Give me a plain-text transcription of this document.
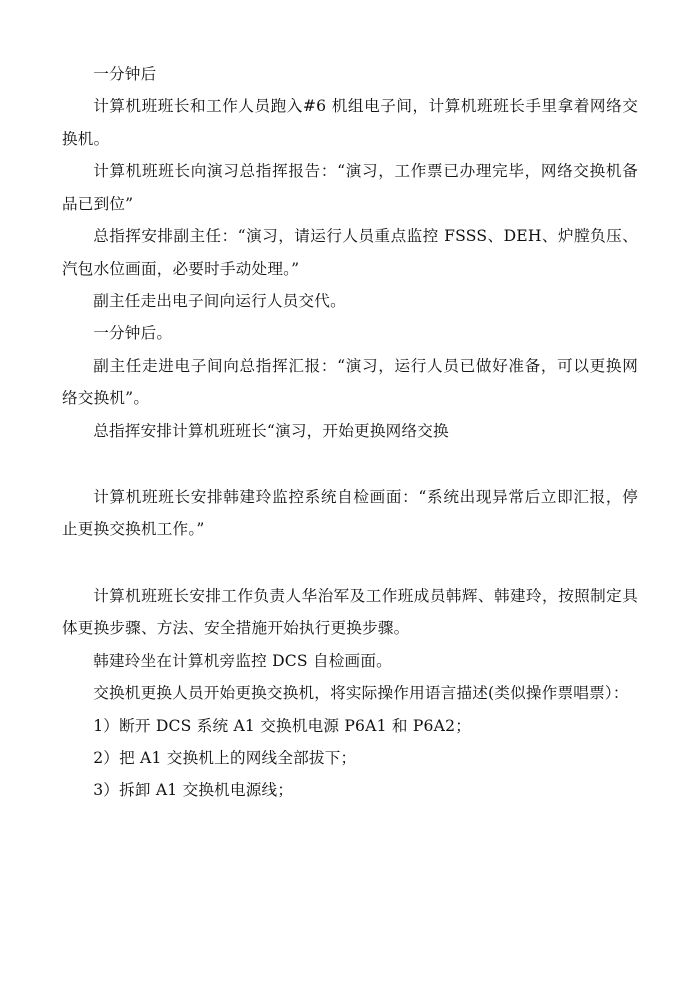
一分钟后

计算机班班长和工作人员跑入#6 机组电子间，计算机班班长手里拿着网络交换机。

计算机班班长向演习总指挥报告：“演习，工作票已办理完毕，网络交换机备品已到位”

总指挥安排副主任：“演习，请运行人员重点监控 FSSS、DEH、炉膛负压、汽包水位画面，必要时手动处理。”

副主任走出电子间向运行人员交代。

一分钟后。

副主任走进电子间向总指挥汇报：“演习，运行人员已做好准备，可以更换网络交换机”。

总指挥安排计算机班班长“演习，开始更换网络交换

计算机班班长安排韩建玲监控系统自检画面：“系统出现异常后立即汇报，停止更换交换机工作。”

计算机班班长安排工作负责人华治军及工作班成员韩辉、韩建玲，按照制定具体更换步骤、方法、安全措施开始执行更换步骤。

韩建玲坐在计算机旁监控 DCS 自检画面。

交换机更换人员开始更换交换机，将实际操作用语言描述(类似操作票唱票）：

1）断开 DCS 系统 A1 交换机电源 P6A1 和 P6A2；

2）把 A1 交换机上的网线全部拔下；

3）拆卸 A1 交换机电源线；
